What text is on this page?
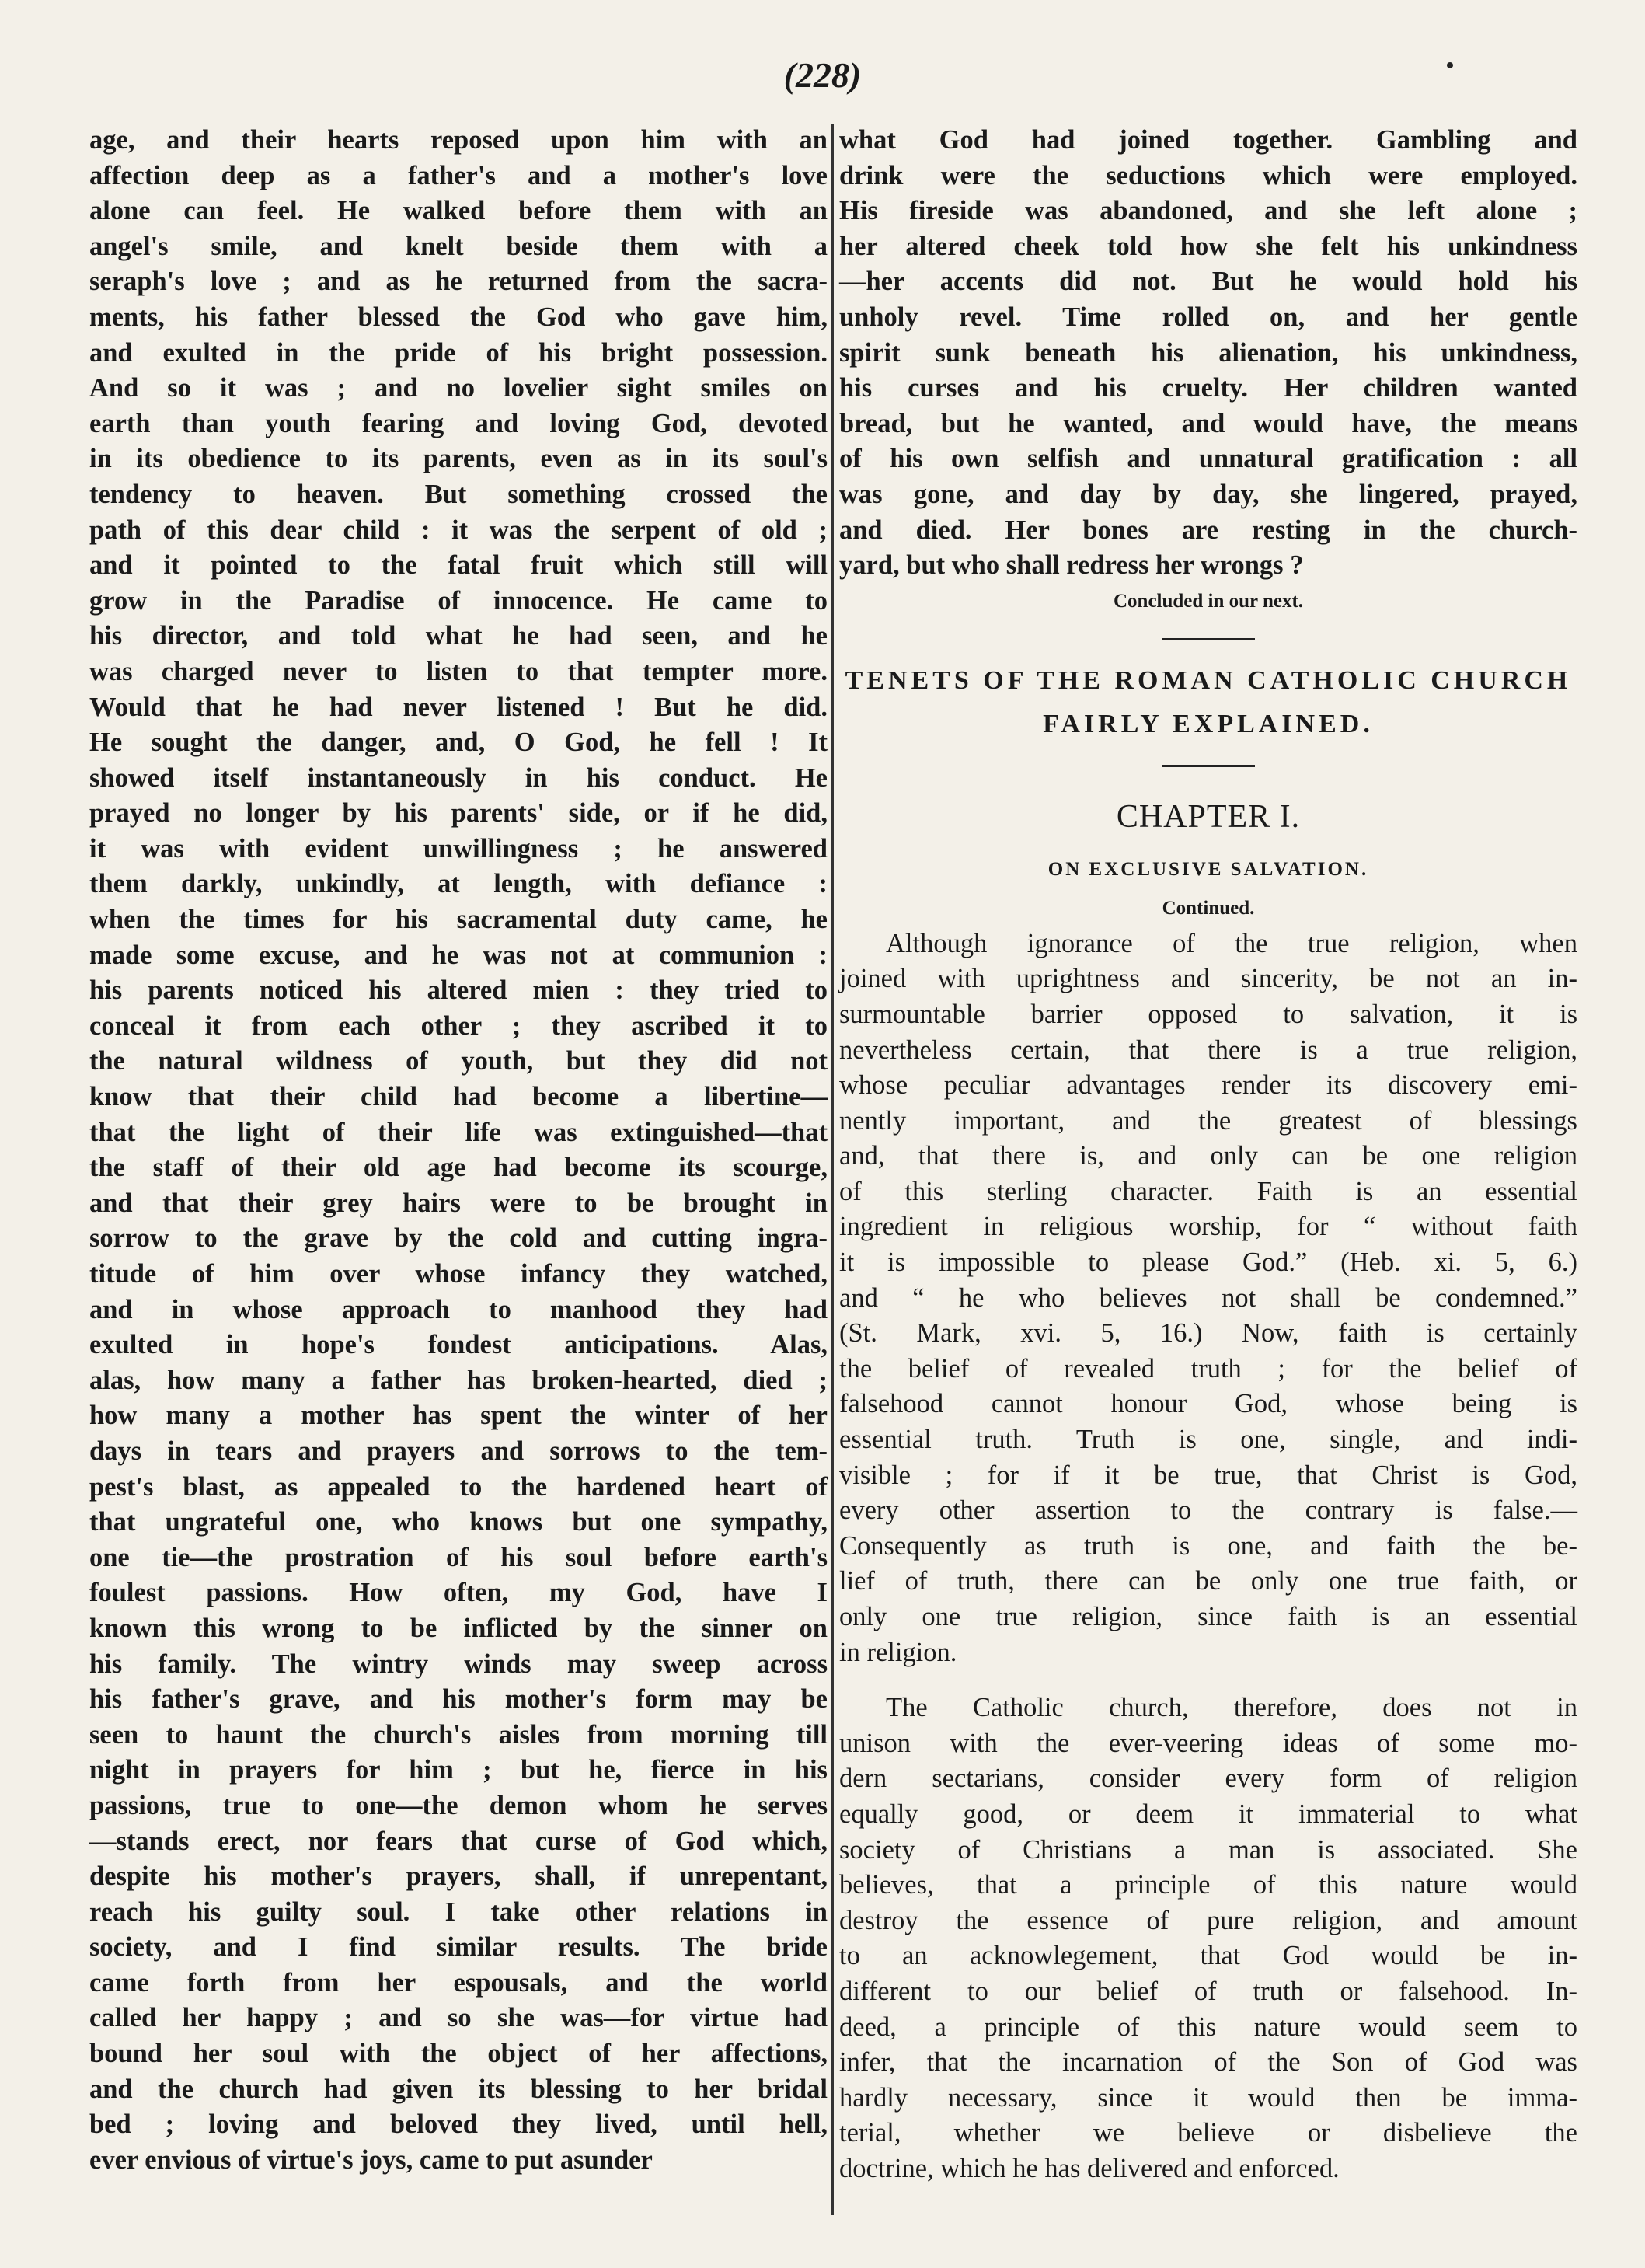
(228)
age, and their hearts reposed upon him with an
affection deep as a father's and a mother's love
alone can feel. He walked before them with an
angel's smile, and knelt beside them with a
seraph's love ; and as he returned from the sacra-
ments, his father blessed the God who gave him,
and exulted in the pride of his bright possession.
And so it was ; and no lovelier sight smiles on
earth than youth fearing and loving God, devoted
in its obedience to its parents, even as in its soul's
tendency to heaven. But something crossed the
path of this dear child : it was the serpent of old ;
and it pointed to the fatal fruit which still will
grow in the Paradise of innocence. He came to
his director, and told what he had seen, and he
was charged never to listen to that tempter more.
Would that he had never listened ! But he did.
He sought the danger, and, O God, he fell ! It
showed itself instantaneously in his conduct. He
prayed no longer by his parents' side, or if he did,
it was with evident unwillingness ; he answered
them darkly, unkindly, at length, with defiance :
when the times for his sacramental duty came, he
made some excuse, and he was not at communion :
his parents noticed his altered mien : they tried to
conceal it from each other ; they ascribed it to
the natural wildness of youth, but they did not
know that their child had become a libertine—
that the light of their life was extinguished—that
the staff of their old age had become its scourge,
and that their grey hairs were to be brought in
sorrow to the grave by the cold and cutting ingra-
titude of him over whose infancy they watched,
and in whose approach to manhood they had
exulted in hope's fondest anticipations. Alas,
alas, how many a father has broken-hearted, died ;
how many a mother has spent the winter of her
days in tears and prayers and sorrows to the tem-
pest's blast, as appealed to the hardened heart of
that ungrateful one, who knows but one sympathy,
one tie—the prostration of his soul before earth's
foulest passions. How often, my God, have I
known this wrong to be inflicted by the sinner on
his family. The wintry winds may sweep across
his father's grave, and his mother's form may be
seen to haunt the church's aisles from morning till
night in prayers for him ; but he, fierce in his
passions, true to one—the demon whom he serves
—stands erect, nor fears that curse of God which,
despite his mother's prayers, shall, if unrepentant,
reach his guilty soul. I take other relations in
society, and I find similar results. The bride
came forth from her espousals, and the world
called her happy ; and so she was—for virtue had
bound her soul with the object of her affections,
and the church had given its blessing to her bridal
bed ; loving and beloved they lived, until hell,
ever envious of virtue's joys, came to put asunder
what God had joined together. Gambling and
drink were the seductions which were employed.
His fireside was abandoned, and she left alone ;
her altered cheek told how she felt his unkindness
—her accents did not. But he would hold his
unholy revel. Time rolled on, and her gentle
spirit sunk beneath his alienation, his unkindness,
his curses and his cruelty. Her children wanted
bread, but he wanted, and would have, the means
of his own selfish and unnatural gratification : all
was gone, and day by day, she lingered, prayed,
and died. Her bones are resting in the church-
yard, but who shall redress her wrongs ?
Concluded in our next.
TENETS OF THE ROMAN CATHOLIC CHURCH
FAIRLY EXPLAINED.
CHAPTER I.
ON EXCLUSIVE SALVATION.
Continued.
Although ignorance of the true religion, when
joined with uprightness and sincerity, be not an in-
surmountable barrier opposed to salvation, it is
nevertheless certain, that there is a true religion,
whose peculiar advantages render its discovery emi-
nently important, and the greatest of blessings
and, that there is, and only can be one religion
of this sterling character. Faith is an essential
ingredient in religious worship, for “ without faith
it is impossible to please God.” (Heb. xi. 5, 6.)
and “ he who believes not shall be condemned.”
(St. Mark, xvi. 5, 16.) Now, faith is certainly
the belief of revealed truth ; for the belief of
falsehood cannot honour God, whose being is
essential truth. Truth is one, single, and indi-
visible ; for if it be true, that Christ is God,
every other assertion to the contrary is false.—
Consequently as truth is one, and faith the be-
lief of truth, there can be only one true faith, or
only one true religion, since faith is an essential
in religion.
The Catholic church, therefore, does not in
unison with the ever-veering ideas of some mo-
dern sectarians, consider every form of religion
equally good, or deem it immaterial to what
society of Christians a man is associated. She
believes, that a principle of this nature would
destroy the essence of pure religion, and amount
to an acknowlegement, that God would be in-
different to our belief of truth or falsehood. In-
deed, a principle of this nature would seem to
infer, that the incarnation of the Son of God was
hardly necessary, since it would then be imma-
terial, whether we believe or disbelieve the
doctrine, which he has delivered and enforced.
